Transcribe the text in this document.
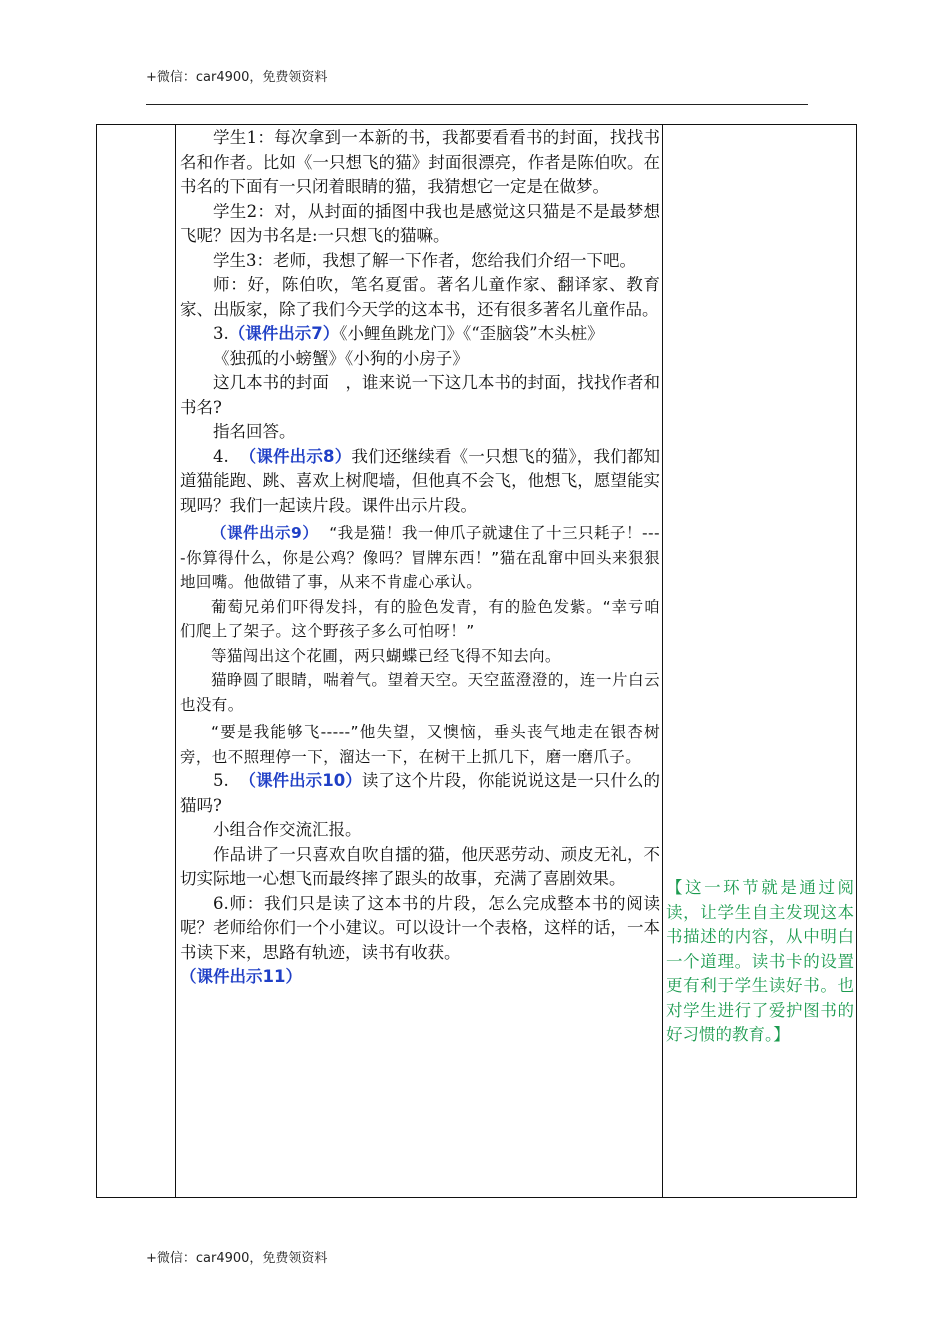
+微信：car4900，免费领资料

学生1：每次拿到一本新的书，我都要看看书的封面，找找书名和作者。比如《一只想飞的猫》封面很漂亮，作者是陈伯吹。在书名的下面有一只闭着眼睛的猫，我猜想它一定是在做梦。

学生2：对，从封面的插图中我也是感觉这只猫是不是最梦想飞呢？因为书名是:一只想飞的猫嘛。

学生3：老师，我想了解一下作者，您给我们介绍一下吧。

师：好，陈伯吹，笔名夏雷。著名儿童作家、翻译家、教育家、出版家，除了我们今天学的这本书，还有很多著名儿童作品。

3.（课件出示7）《小鲤鱼跳龙门》《“歪脑袋”木头桩》

《独孤的小螃蟹》《小狗的小房子》

这几本书的封面　，谁来说一下这几本书的封面，找找作者和书名?

指名回答。

4. （课件出示8）我们还继续看《一只想飞的猫》，我们都知道猫能跑、跳、喜欢上树爬墙，但他真不会飞，他想飞，愿望能实现吗？我们一起读片段。课件出示片段。

（课件出示9） “我是猫！我一伸爪子就逮住了十三只耗子！----你算得什么，你是公鸡？像吗？冒牌东西！”猫在乱窜中回头来狠狠地回嘴。他做错了事，从来不肯虚心承认。

葡萄兄弟们吓得发抖，有的脸色发青，有的脸色发紫。“幸亏咱们爬上了架子。这个野孩子多么可怕呀！”

等猫闯出这个花圃，两只蝴蝶已经飞得不知去向。

猫睁圆了眼睛，喘着气。望着天空。天空蓝澄澄的，连一片白云也没有。

“要是我能够飞-----”他失望，又懊恼，垂头丧气地走在银杏树旁，也不照理停一下，溜达一下，在树干上抓几下，磨一磨爪子。

5. （课件出示10）读了这个片段，你能说说这是一只什么的猫吗?

小组合作交流汇报。

作品讲了一只喜欢自吹自擂的猫，他厌恶劳动、顽皮无礼，不切实际地一心想飞而最终摔了跟头的故事，充满了喜剧效果。

6.师：我们只是读了这本书的片段，怎么完成整本书的阅读呢？老师给你们一个小建议。可以设计一个表格，这样的话，一本书读下来，思路有轨迹，读书有收获。

（课件出示11）

【这一环节就是通过阅读，让学生自主发现这本书描述的内容，从中明白一个道理。读书卡的设置更有利于学生读好书。也对学生进行了爱护图书的好习惯的教育。】

+微信：car4900，免费领资料
